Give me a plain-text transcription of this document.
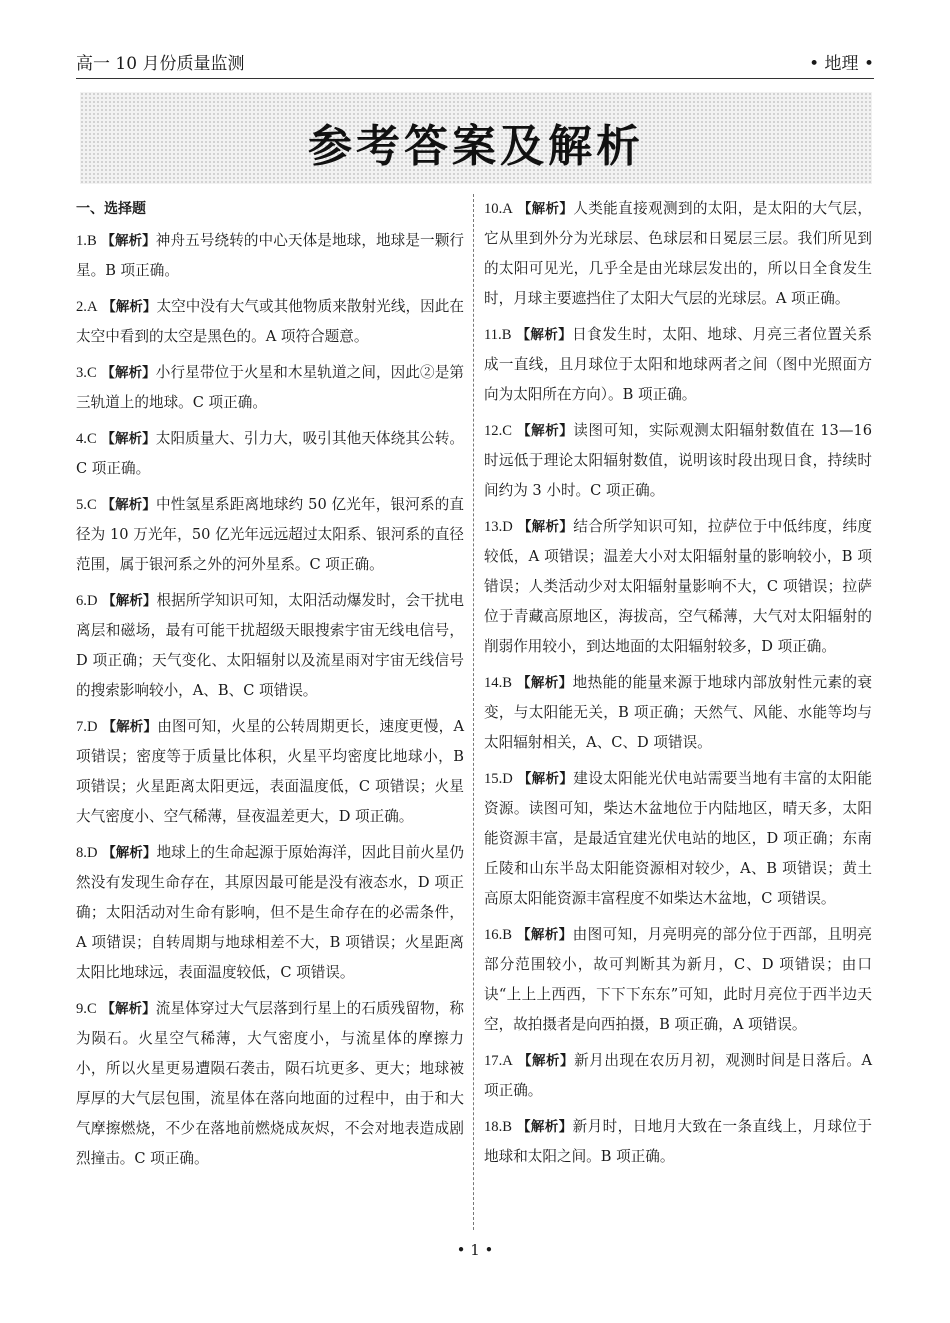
高一 10 月份质量监测	• 地理 •
参考答案及解析
一、选择题
1.B 【解析】神舟五号绕转的中心天体是地球，地球是一颗行星。B 项正确。
2.A 【解析】太空中没有大气或其他物质来散射光线，因此在太空中看到的太空是黑色的。A 项符合题意。
3.C 【解析】小行星带位于火星和木星轨道之间，因此②是第三轨道上的地球。C 项正确。
4.C 【解析】太阳质量大、引力大，吸引其他天体绕其公转。C 项正确。
5.C 【解析】中性氢星系距离地球约 50 亿光年，银河系的直径为 10 万光年，50 亿光年远远超过太阳系、银河系的直径范围，属于银河系之外的河外星系。C 项正确。
6.D 【解析】根据所学知识可知，太阳活动爆发时，会干扰电离层和磁场，最有可能干扰超级天眼搜索宇宙无线电信号，D 项正确；天气变化、太阳辐射以及流星雨对宇宙无线信号的搜索影响较小，A、B、C 项错误。
7.D 【解析】由图可知，火星的公转周期更长，速度更慢，A 项错误；密度等于质量比体积，火星平均密度比地球小，B 项错误；火星距离太阳更远，表面温度低，C 项错误；火星大气密度小、空气稀薄，昼夜温差更大，D 项正确。
8.D 【解析】地球上的生命起源于原始海洋，因此目前火星仍然没有发现生命存在，其原因最可能是没有液态水，D 项正确；太阳活动对生命有影响，但不是生命存在的必需条件，A 项错误；自转周期与地球相差不大，B 项错误；火星距离太阳比地球远，表面温度较低，C 项错误。
9.C 【解析】流星体穿过大气层落到行星上的石质残留物，称为陨石。火星空气稀薄，大气密度小，与流星体的摩擦力小，所以火星更易遭陨石袭击，陨石坑更多、更大；地球被厚厚的大气层包围，流星体在落向地面的过程中，由于和大气摩擦燃烧，不少在落地前燃烧成灰烬，不会对地表造成剧烈撞击。C 项正确。
10.A 【解析】人类能直接观测到的太阳，是太阳的大气层，它从里到外分为光球层、色球层和日冕层三层。我们所见到的太阳可见光，几乎全是由光球层发出的，所以日全食发生时，月球主要遮挡住了太阳大气层的光球层。A 项正确。
11.B 【解析】日食发生时，太阳、地球、月亮三者位置关系成一直线，且月球位于太阳和地球两者之间（图中光照面方向为太阳所在方向）。B 项正确。
12.C 【解析】读图可知，实际观测太阳辐射数值在 13—16 时远低于理论太阳辐射数值，说明该时段出现日食，持续时间约为 3 小时。C 项正确。
13.D 【解析】结合所学知识可知，拉萨位于中低纬度，纬度较低，A 项错误；温差大小对太阳辐射量的影响较小，B 项错误；人类活动少对太阳辐射量影响不大，C 项错误；拉萨位于青藏高原地区，海拔高，空气稀薄，大气对太阳辐射的削弱作用较小，到达地面的太阳辐射较多，D 项正确。
14.B 【解析】地热能的能量来源于地球内部放射性元素的衰变，与太阳能无关，B 项正确；天然气、风能、水能等均与太阳辐射相关，A、C、D 项错误。
15.D 【解析】建设太阳能光伏电站需要当地有丰富的太阳能资源。读图可知，柴达木盆地位于内陆地区，晴天多，太阳能资源丰富，是最适宜建光伏电站的地区，D 项正确；东南丘陵和山东半岛太阳能资源相对较少，A、B 项错误；黄土高原太阳能资源丰富程度不如柴达木盆地，C 项错误。
16.B 【解析】由图可知，月亮明亮的部分位于西部，且明亮部分范围较小，故可判断其为新月，C、D 项错误；由口诀“上上上西西，下下下东东”可知，此时月亮位于西半边天空，故拍摄者是向西拍摄，B 项正确，A 项错误。
17.A 【解析】新月出现在农历月初，观测时间是日落后。A 项正确。
18.B 【解析】新月时，日地月大致在一条直线上，月球位于地球和太阳之间。B 项正确。
• 1 •
